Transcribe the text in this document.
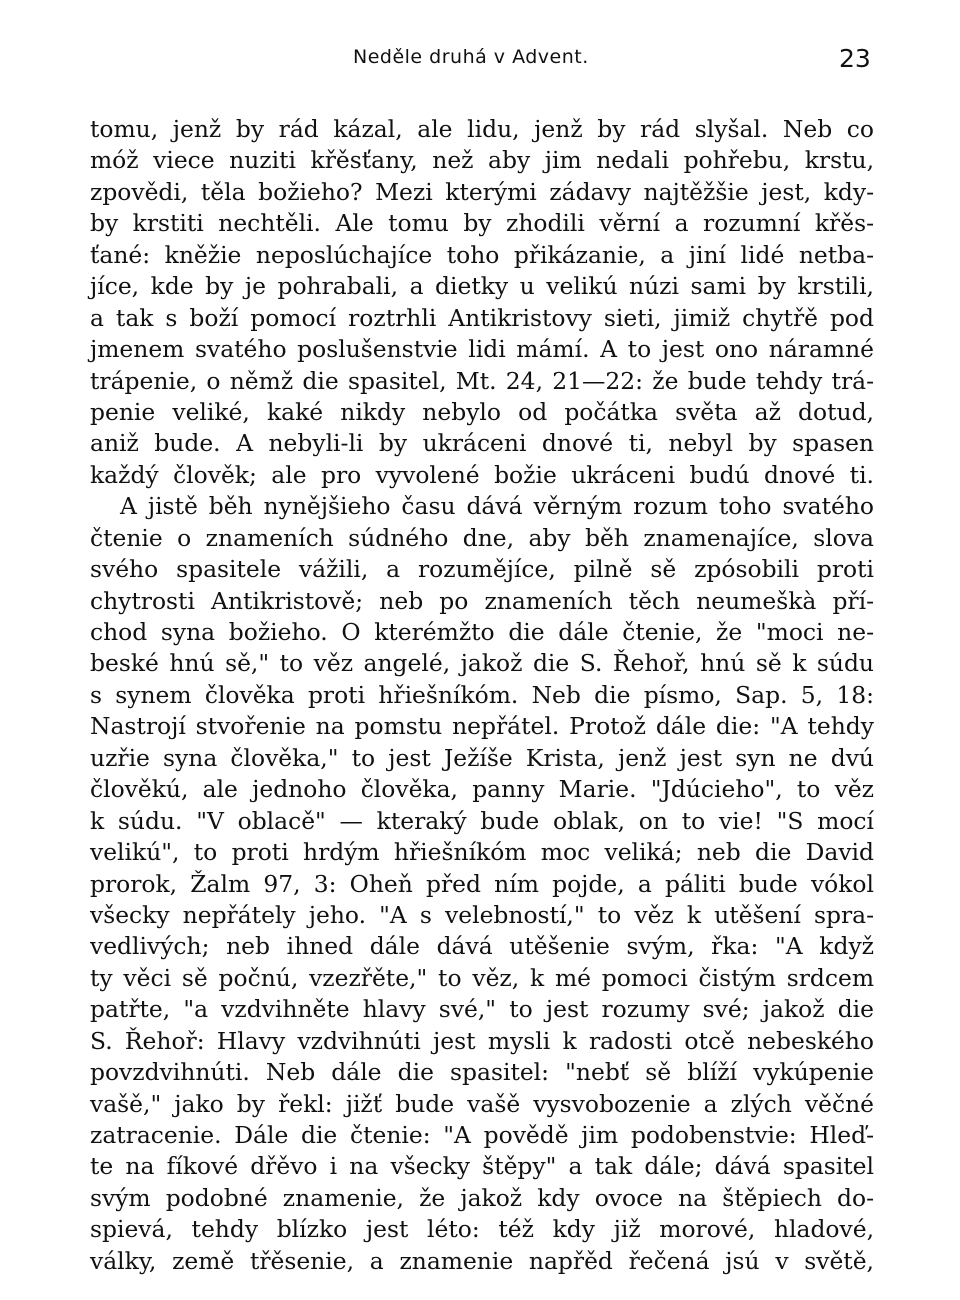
Neděle druhá v Advent.	23
tomu, jenž by rád kázal, ale lidu, jenž by rád slyšal. Neb co
móž viece nuziti křěsťany, než aby jim nedali pohřebu, krstu,
zpovědi, těla božieho? Mezi kterými zádavy najtěžšie jest, kdy-
by krstiti nechtěli. Ale tomu by zhodili věrní a rozumní křěs-
ťané: kněžie neposlúchajíce toho přikázanie, a jiní lidé netba-
jíce, kde by je pohrabali, a dietky u velikú núzi sami by krstili,
a tak s boží pomocí roztrhli Antikristovy sieti, jimiž chytřě pod
jmenem svatého poslušenstvie lidi mámí. A to jest ono náramné
trápenie, o němž die spasitel, Mt. 24, 21—22: že bude tehdy trá-
penie veliké, kaké nikdy nebylo od počátka světa až dotud,
aniž bude. A nebyli-li by ukráceni dnové ti, nebyl by spasen
každý člověk; ale pro vyvolené božie ukráceni budú dnové ti.
A jistě běh nynějšieho času dává věrným rozum toho svatého
čtenie o znameních súdného dne, aby běh znamenajíce, slova
svého spasitele vážili, a rozumějíce, pilně sě zpósobili proti
chytrosti Antikristově; neb po znameních těch neumeškà pří-
chod syna božieho. O kterémžto die dále čtenie, že "moci ne-
beské hnú sě," to věz angelé, jakož die S. Řehoř, hnú sě k súdu
s synem člověka proti hřiešníkóm. Neb die písmo, Sap. 5, 18:
Nastrojí stvořenie na pomstu nepřátel. Protož dále die: "A tehdy
uzřie syna člověka," to jest Ježíše Krista, jenž jest syn ne dvú
člověkú, ale jednoho člověka, panny Marie. "Jdúcieho", to věz
k súdu. "V oblacě" — kteraký bude oblak, on to vie! "S mocí
velikú", to proti hrdým hřiešníkóm moc veliká; neb die David
prorok, Žalm 97, 3: Oheň před ním pojde, a páliti bude vókol
všecky nepřátely jeho. "A s velebností," to věz k utěšení spra-
vedlivých; neb ihned dále dává utěšenie svým, řka: "A když
ty věci sě počnú, vzezřěte," to věz, k mé pomoci čistým srdcem
patřte, "a vzdvihněte hlavy své," to jest rozumy své; jakož die
S. Řehoř: Hlavy vzdvihnúti jest mysli k radosti otcě nebeského
povzdvihnúti. Neb dále die spasitel: "nebť sě blíží vykúpenie
vašě," jako by řekl: jižť bude vašě vysvobozenie a zlých věčné
zatracenie. Dále die čtenie: "A povědě jim podobenstvie: Hleď-
te na fíkové dřěvo i na všecky štěpy" a tak dále; dává spasitel
svým podobné znamenie, že jakož kdy ovoce na štěpiech do-
spievá, tehdy blízko jest léto: též kdy již morové, hladové,
války, země třěsenie, a znamenie napřěd řečená jsú v světě,
